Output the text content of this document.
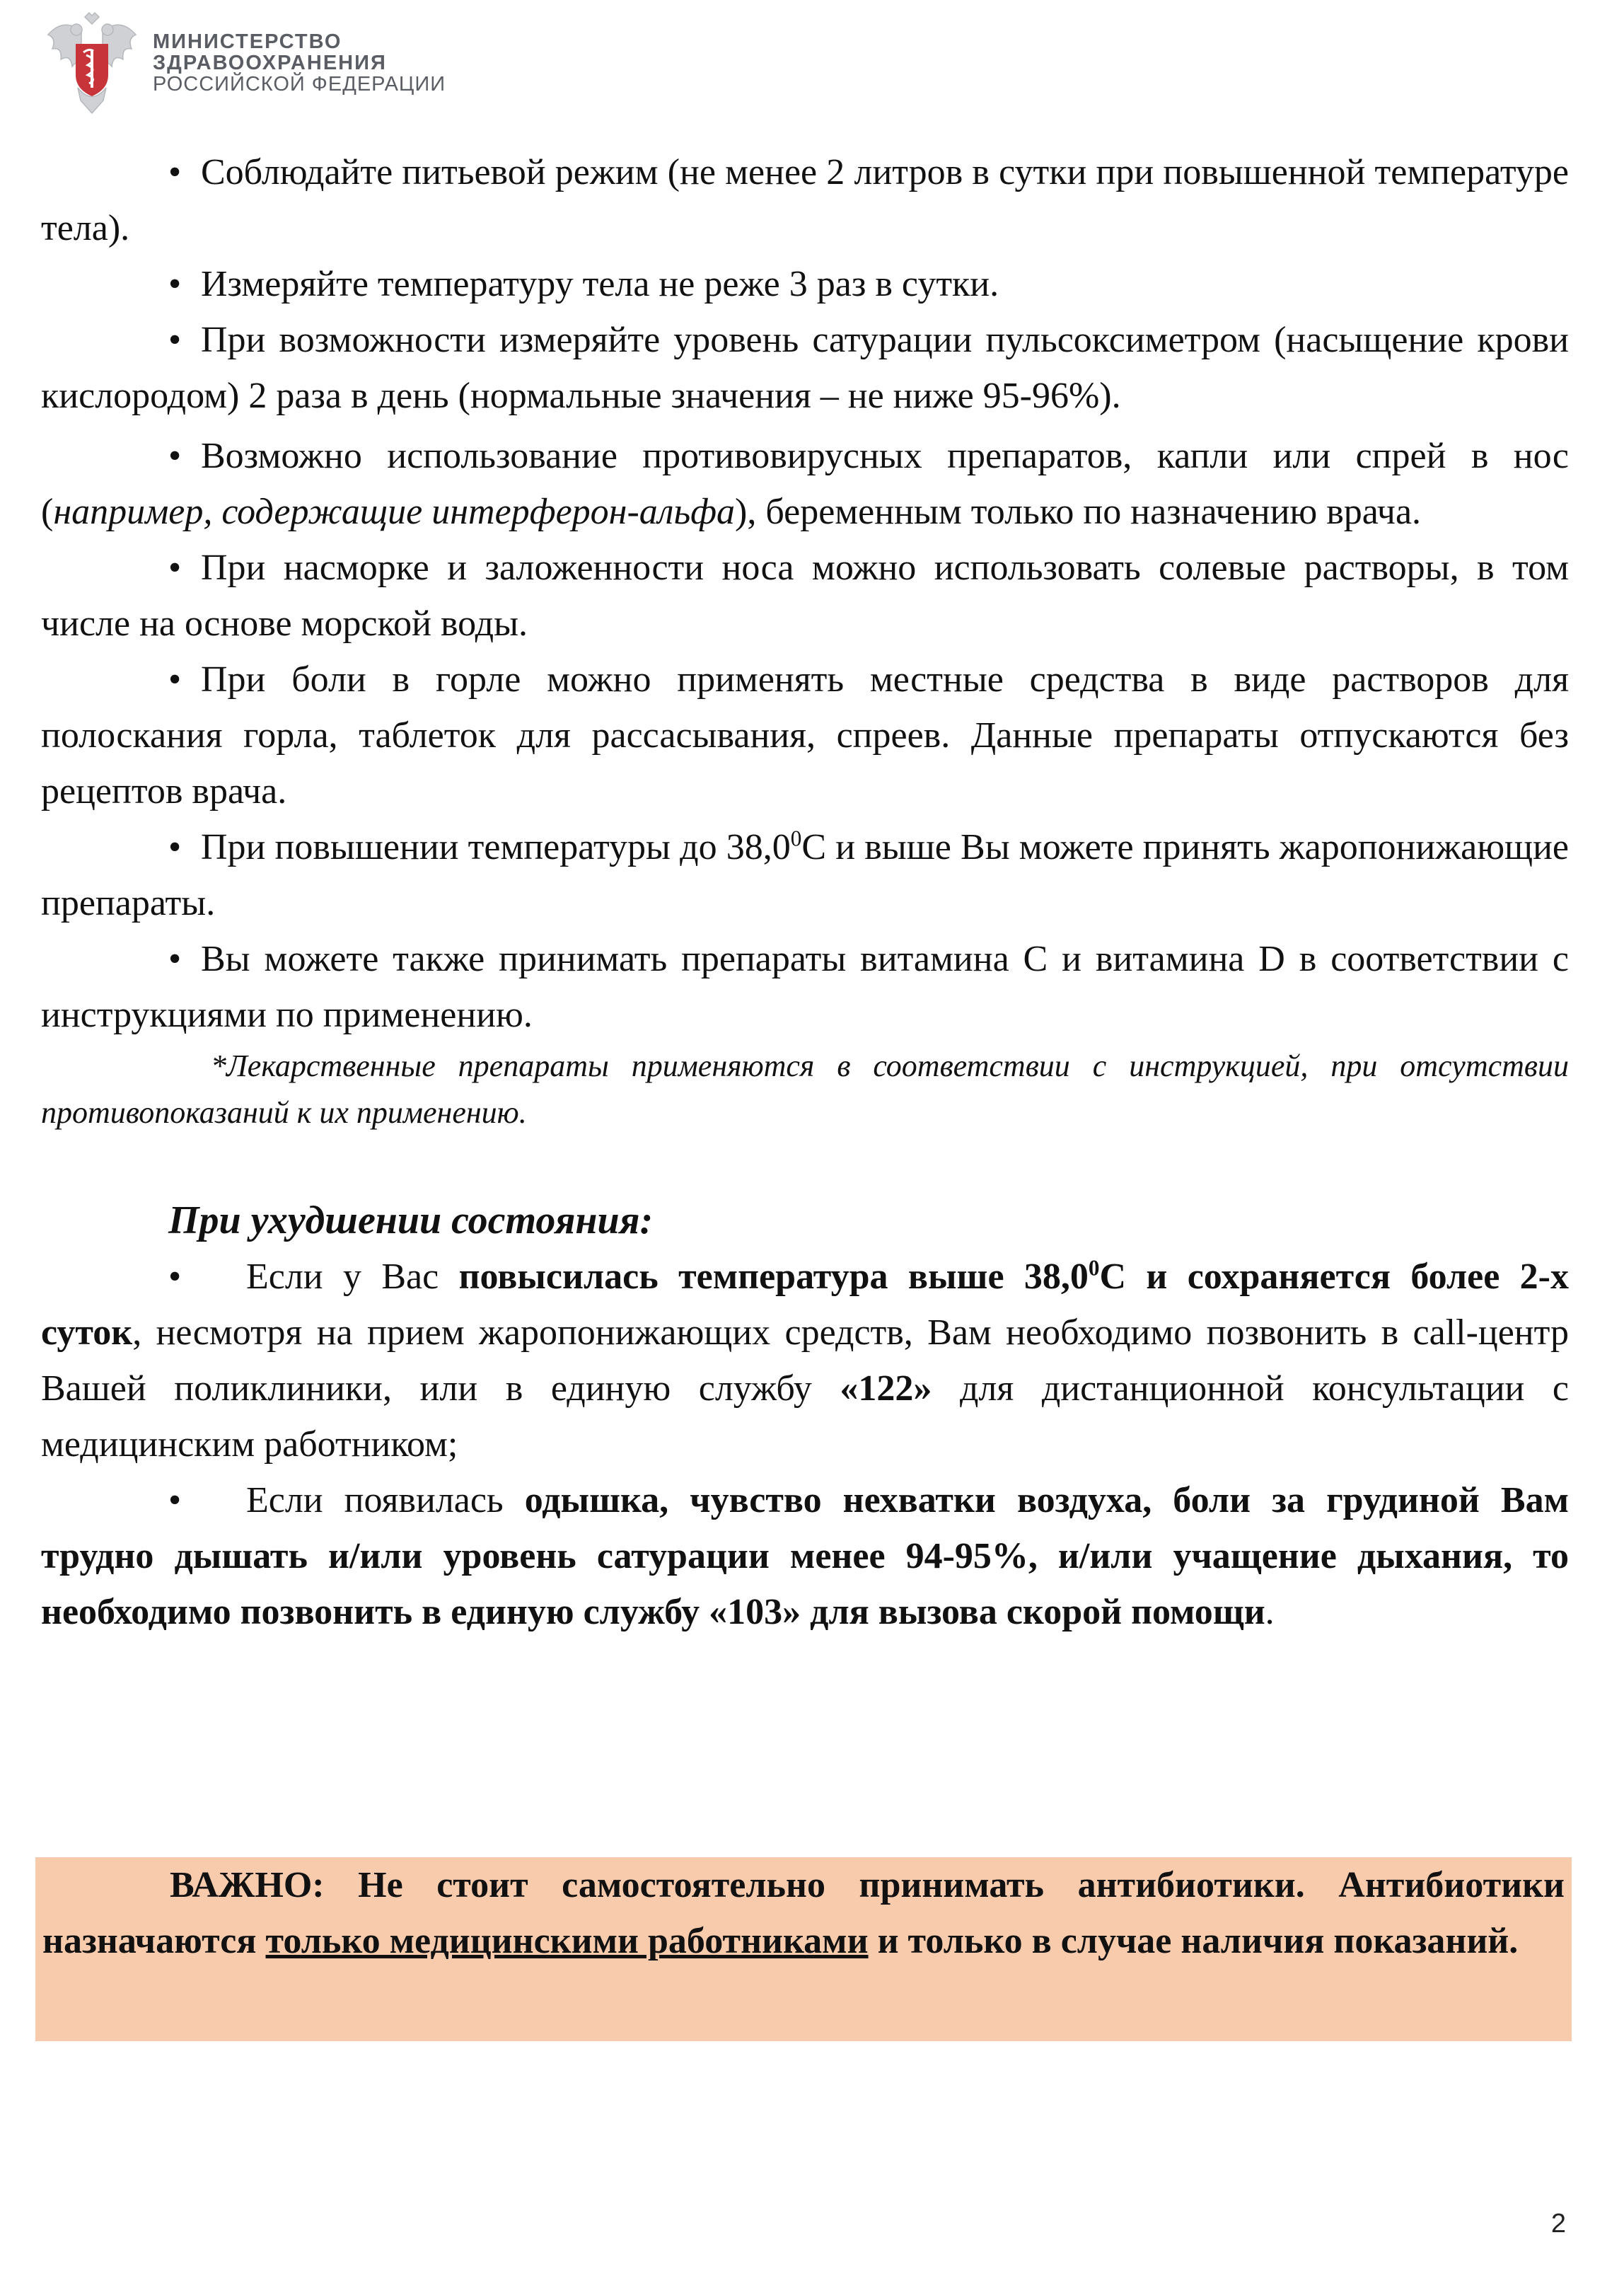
МИНИСТЕРСТВО
ЗДРАВООХРАНЕНИЯ
РОССИЙСКОЙ ФЕДЕРАЦИИ

• Соблюдайте питьевой режим (не менее 2 литров в сутки при повышенной температуре тела).

• Измеряйте температуру тела не реже 3 раз в сутки.

• При возможности измеряйте уровень сатурации пульсоксиметром (насыщение крови кислородом) 2 раза в день (нормальные значения – не ниже 95-96%).

• Возможно использование противовирусных препаратов, капли или спрей в нос (например, содержащие интерферон-альфа), беременным только по назначению врача.

• При насморке и заложенности носа можно использовать солевые растворы, в том числе на основе морской воды.

• При боли в горле можно применять местные средства в виде растворов для полоскания горла, таблеток для рассасывания, спреев. Данные препараты отпускаются без рецептов врача.

• При повышении температуры до 38,0$^0$С и выше Вы можете принять жаропонижающие препараты.

• Вы можете также принимать препараты витамина С и витамина D в соответствии с инструкциями по применению.

*Лекарственные препараты применяются в соответствии с инструкцией, при отсутствии противопоказаний к их применению.

При ухудшении состояния:

• Если у Вас повысилась температура выше 38,0$^0$С и сохраняется более 2-х суток, несмотря на прием жаропонижающих средств, Вам необходимо позвонить в call-центр Вашей поликлиники, или в единую службу «122» для дистанционной консультации с медицинским работником;

• Если появилась одышка, чувство нехватки воздуха, боли за грудиной Вам трудно дышать и/или уровень сатурации менее 94-95%, и/или учащение дыхания, то необходимо позвонить в единую службу «103» для вызова скорой помощи.

ВАЖНО: Не стоит самостоятельно принимать антибиотики. Антибиотики назначаются только медицинскими работниками и только в случае наличия показаний.

2
